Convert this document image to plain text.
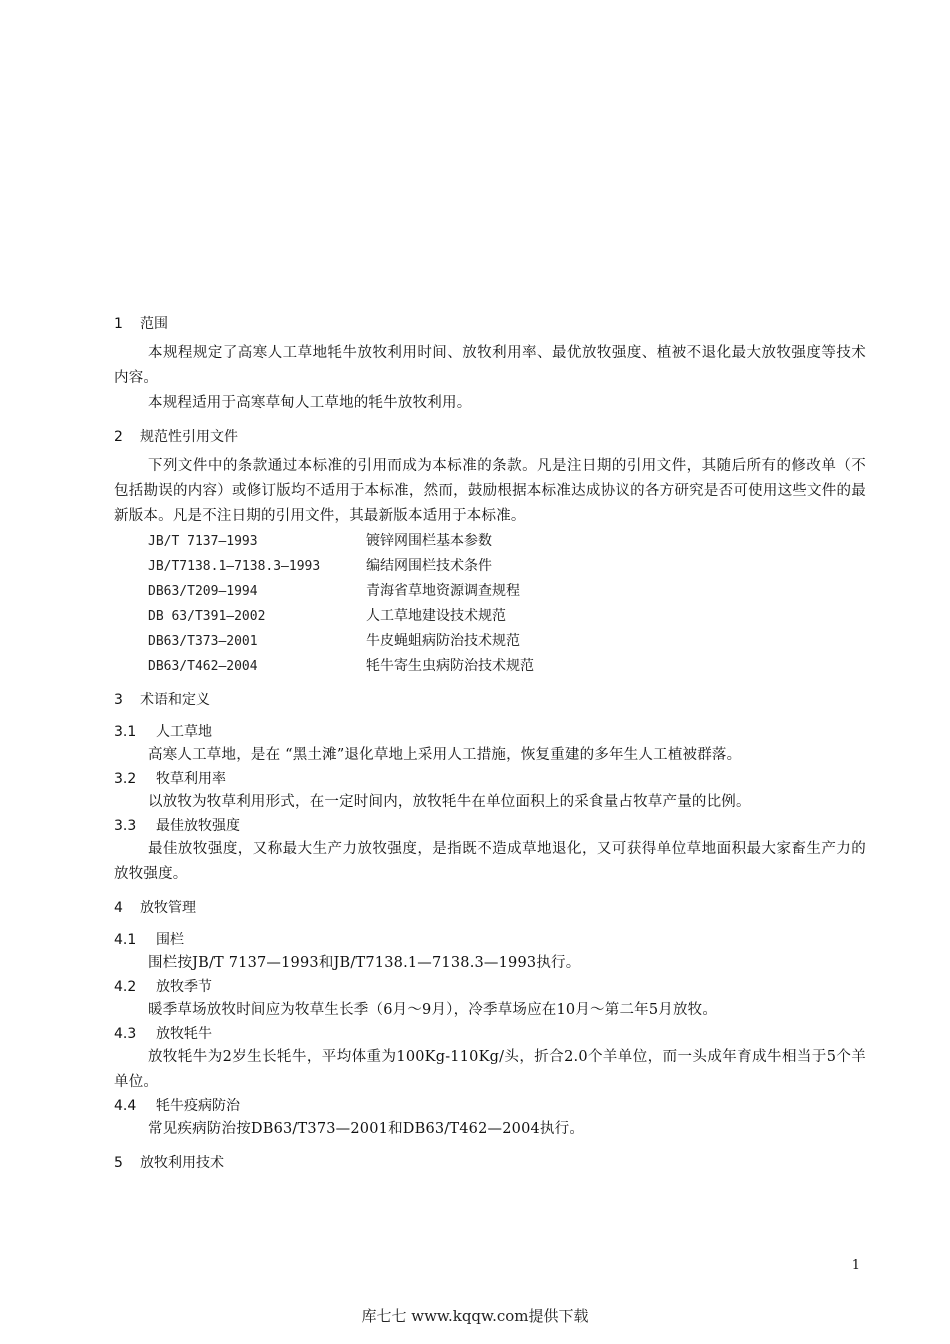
1	范围

本规程规定了高寒人工草地牦牛放牧利用时间、放牧利用率、最优放牧强度、植被不退化最大放牧强度等技术内容。

本规程适用于高寒草甸人工草地的牦牛放牧利用。

2	规范性引用文件

下列文件中的条款通过本标准的引用而成为本标准的条款。凡是注日期的引用文件，其随后所有的修改单（不包括勘误的内容）或修订版均不适用于本标准，然而，鼓励根据本标准达成协议的各方研究是否可使用这些文件的最新版本。凡是不注日期的引用文件，其最新版本适用于本标准。

JB/T 7137—1993	镀锌网围栏基本参数
JB/T7138.1—7138.3—1993	编结网围栏技术条件
DB63/T209—1994	青海省草地资源调查规程
DB 63/T391—2002	人工草地建设技术规范
DB63/T373—2001	牛皮蝇蛆病防治技术规范
DB63/T462—2004	牦牛寄生虫病防治技术规范
3	术语和定义
3.1	人工草地

高寒人工草地，是在 “黑土滩”退化草地上采用人工措施，恢复重建的多年生人工植被群落。

3.2	牧草利用率

以放牧为牧草利用形式，在一定时间内，放牧牦牛在单位面积上的采食量占牧草产量的比例。

3.3	最佳放牧强度

最佳放牧强度，又称最大生产力放牧强度，是指既不造成草地退化，又可获得单位草地面积最大家畜生产力的放牧强度。

4	放牧管理
4.1	围栏

围栏按JB/T 7137—1993和JB/T7138.1—7138.3—1993执行。

4.2	放牧季节

暖季草场放牧时间应为牧草生长季（6月～9月），冷季草场应在10月～第二年5月放牧。

4.3	放牧牦牛

放牧牦牛为2岁生长牦牛，平均体重为100Kg-110Kg/头，折合2.0个羊单位，而一头成年育成牛相当于5个羊单位。

4.4	牦牛疫病防治

常见疾病防治按DB63/T373—2001和DB63/T462—2004执行。

5	放牧利用技术
1
库七七 www.kqqw.com提供下载
